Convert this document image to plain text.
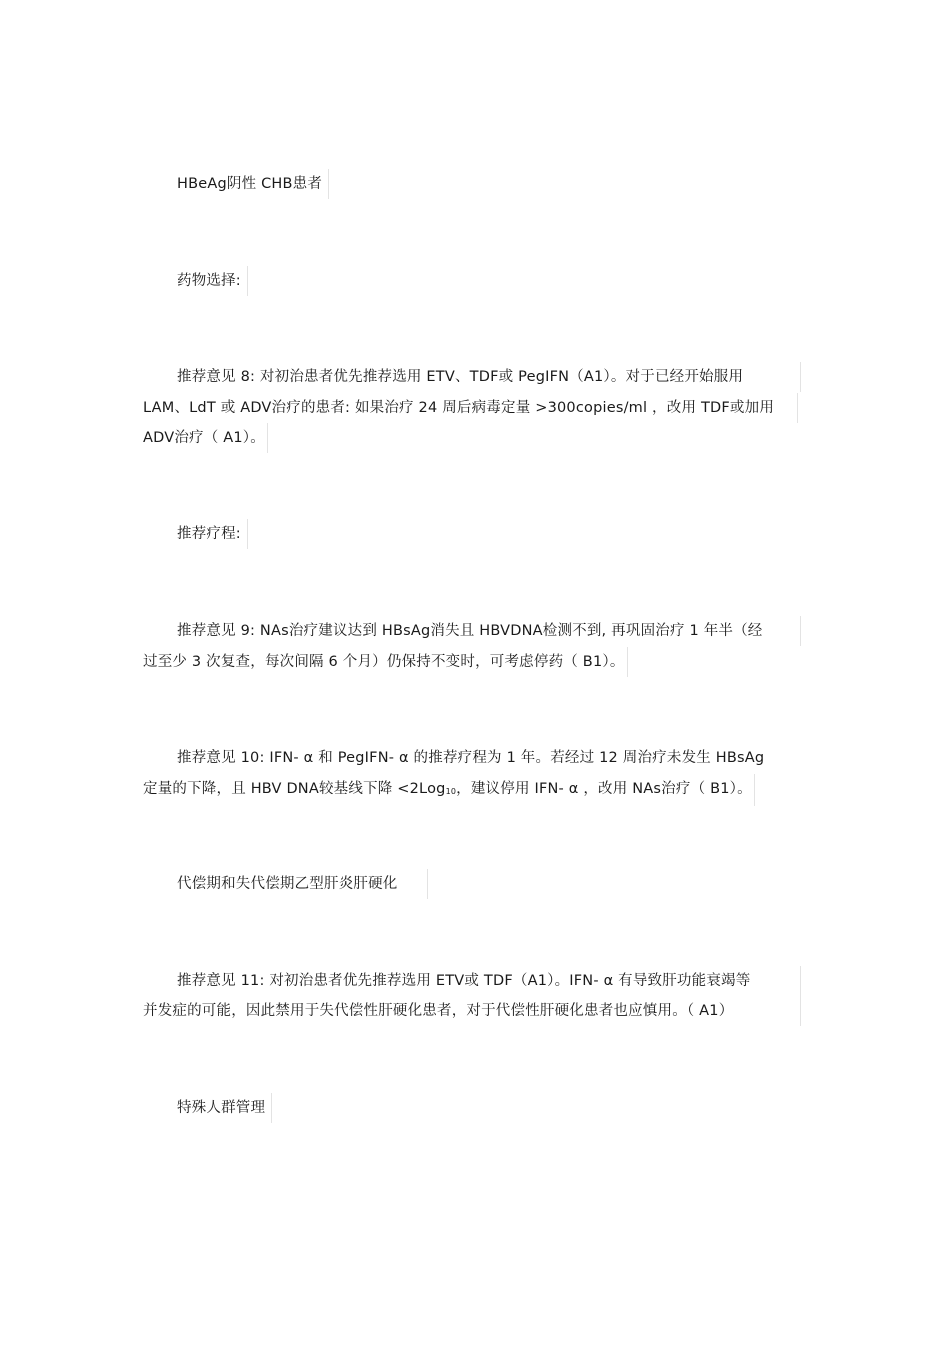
HBeAg阴性 CHB患者
药物选择:
推荐意见 8: 对初治患者优先推荐选用 ETV、TDF或 PegIFN（A1）。对于已经开始服用
LAM、LdT 或 ADV治疗的患者: 如果治疗 24 周后病毒定量 >300copies/ml ，改用 TDF或加用
ADV治疗（ A1）。
推荐疗程:
推荐意见 9: NAs治疗建议达到 HBsAg消失且 HBVDNA检测不到, 再巩固治疗 1 年半（经
过至少 3 次复查，每次间隔 6 个月）仍保持不变时，可考虑停药（ B1）。
推荐意见 10: IFN- α 和 PegIFN- α 的推荐疗程为 1 年。若经过 12 周治疗未发生 HBsAg
定量的下降，且 HBV DNA较基线下降 <2Log$_{10}$，建议停用 IFN- α ，改用 NAs治疗（ B1）。
代偿期和失代偿期乙型肝炎肝硬化
推荐意见 11: 对初治患者优先推荐选用 ETV或 TDF（A1）。IFN- α 有导致肝功能衰竭等
并发症的可能，因此禁用于失代偿性肝硬化患者，对于代偿性肝硬化患者也应慎用。（ A1）
特殊人群管理
